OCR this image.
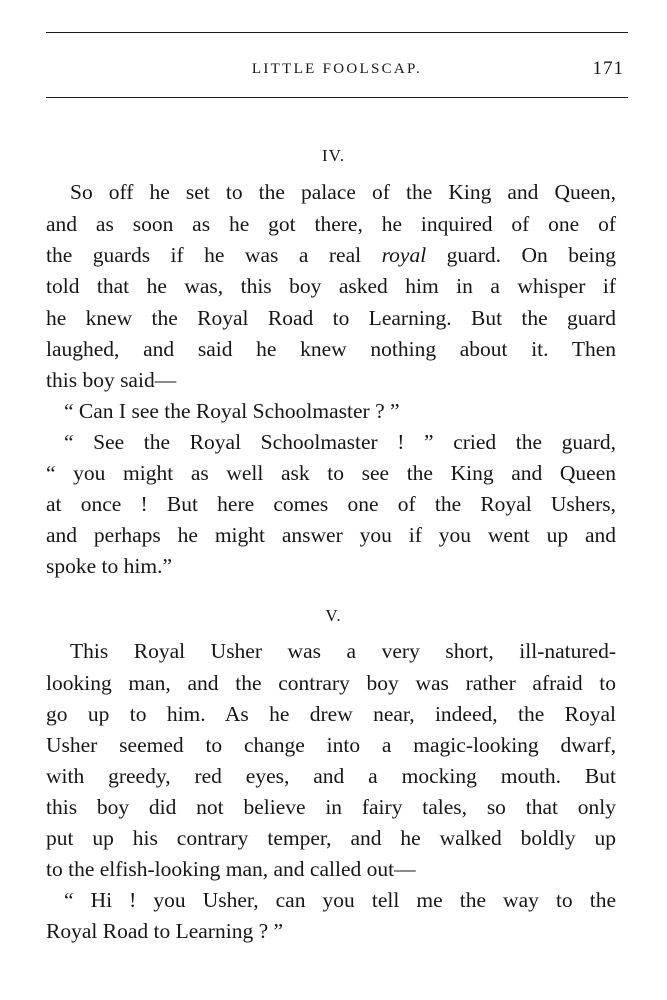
LITTLE FOOLSCAP.	171
IV.
So off he set to the palace of the King and Queen,
and as soon as he got there, he inquired of one of
the guards if he was a real royal guard. On being
told that he was, this boy asked him in a whisper if
he knew the Royal Road to Learning. But the guard
laughed, and said he knew nothing about it. Then
this boy said—
“ Can I see the Royal Schoolmaster ? ”
“ See the Royal Schoolmaster ! ” cried the guard,
“ you might as well ask to see the King and Queen
at once ! But here comes one of the Royal Ushers,
and perhaps he might answer you if you went up and
spoke to him.”
V.
This Royal Usher was a very short, ill-natured-
looking man, and the contrary boy was rather afraid to
go up to him. As he drew near, indeed, the Royal
Usher seemed to change into a magic-looking dwarf,
with greedy, red eyes, and a mocking mouth. But
this boy did not believe in fairy tales, so that only
put up his contrary temper, and he walked boldly up
to the elfish-looking man, and called out—
“ Hi ! you Usher, can you tell me the way to the
Royal Road to Learning ? ”
